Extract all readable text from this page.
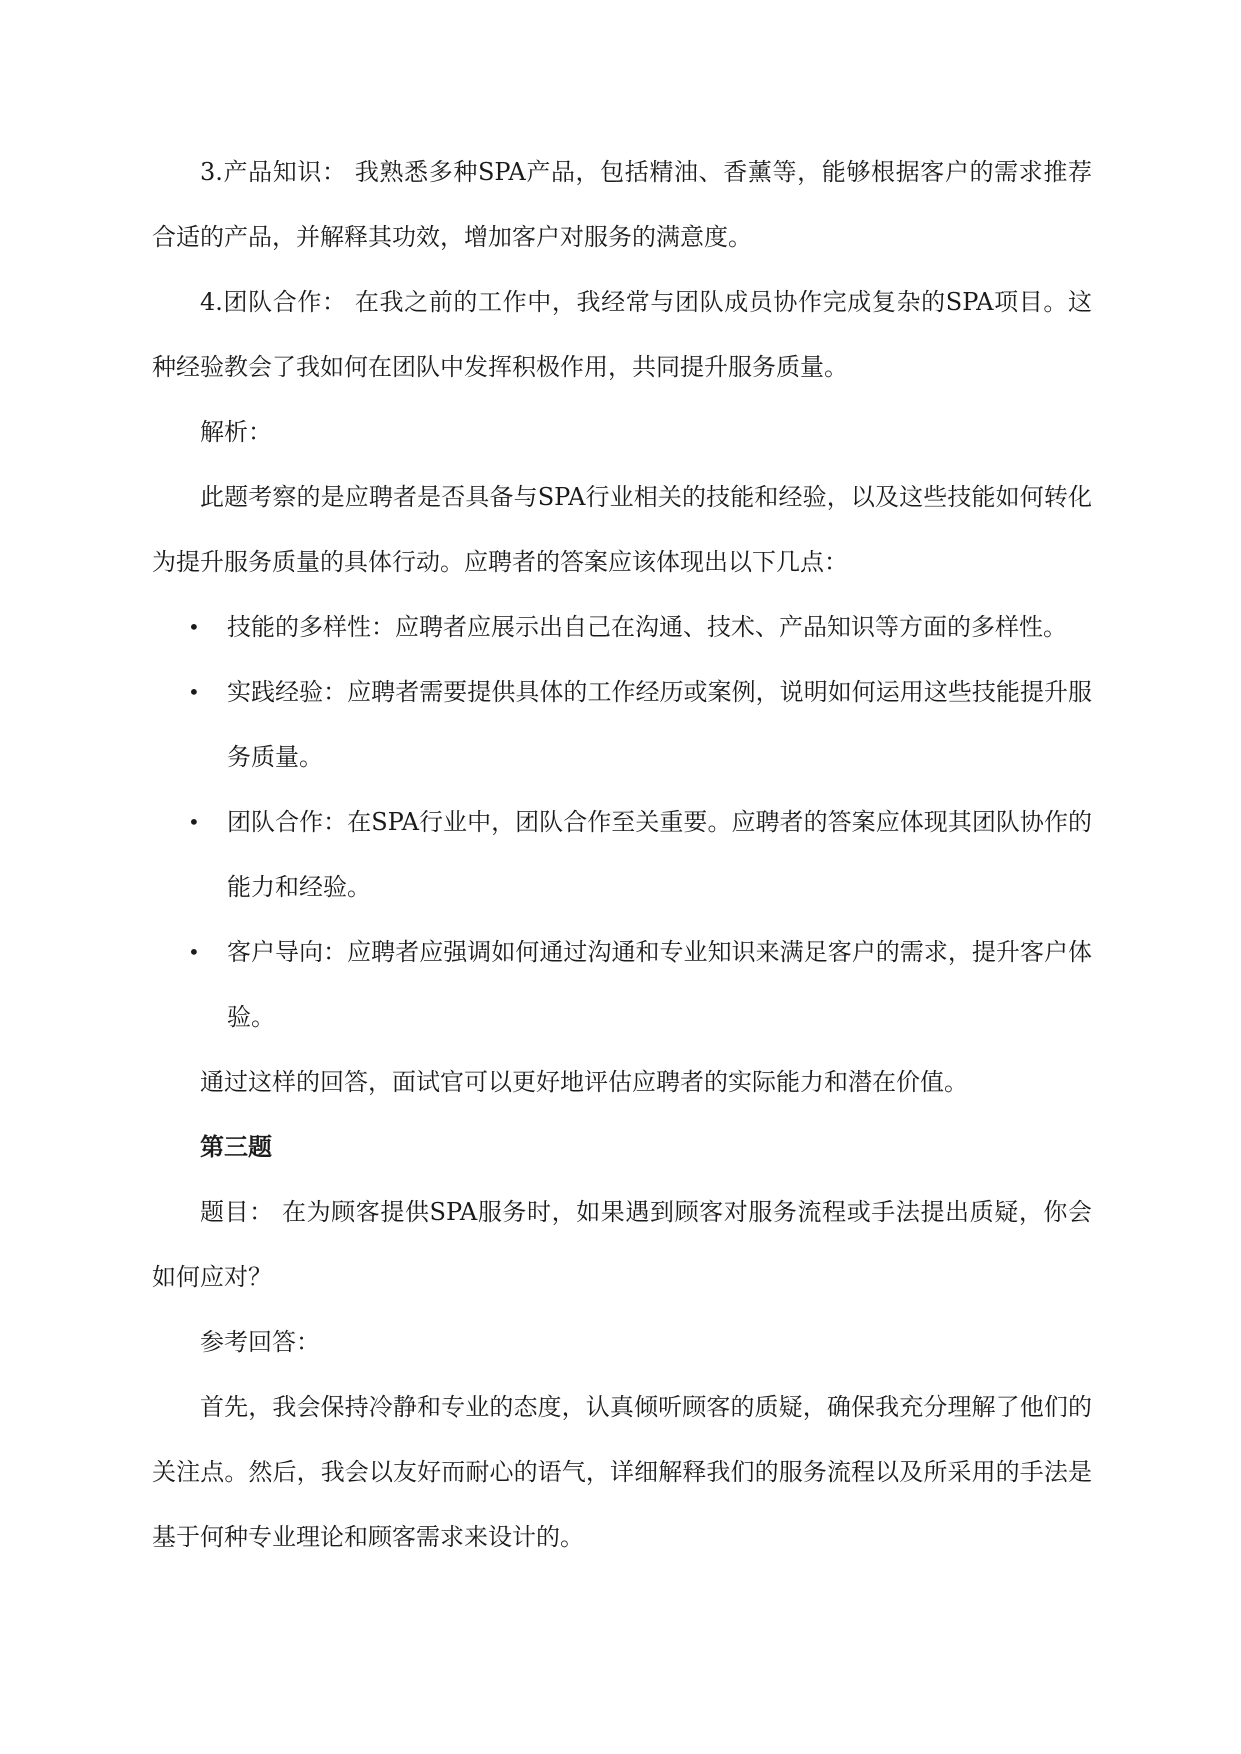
3.产品知识： 我熟悉多种SPA产品，包括精油、香薰等，能够根据客户的需求推荐合适的产品，并解释其功效，增加客户对服务的满意度。

4.团队合作： 在我之前的工作中，我经常与团队成员协作完成复杂的SPA项目。这种经验教会了我如何在团队中发挥积极作用，共同提升服务质量。

解析：

此题考察的是应聘者是否具备与SPA行业相关的技能和经验，以及这些技能如何转化为提升服务质量的具体行动。应聘者的答案应该体现出以下几点：

• 技能的多样性：应聘者应展示出自己在沟通、技术、产品知识等方面的多样性。
• 实践经验：应聘者需要提供具体的工作经历或案例，说明如何运用这些技能提升服务质量。
• 团队合作：在SPA行业中，团队合作至关重要。应聘者的答案应体现其团队协作的能力和经验。
• 客户导向：应聘者应强调如何通过沟通和专业知识来满足客户的需求，提升客户体验。

通过这样的回答，面试官可以更好地评估应聘者的实际能力和潜在价值。

第三题

题目： 在为顾客提供SPA服务时，如果遇到顾客对服务流程或手法提出质疑，你会如何应对？

参考回答：

首先，我会保持冷静和专业的态度，认真倾听顾客的质疑，确保我充分理解了他们的关注点。然后，我会以友好而耐心的语气，详细解释我们的服务流程以及所采用的手法是基于何种专业理论和顾客需求来设计的。
